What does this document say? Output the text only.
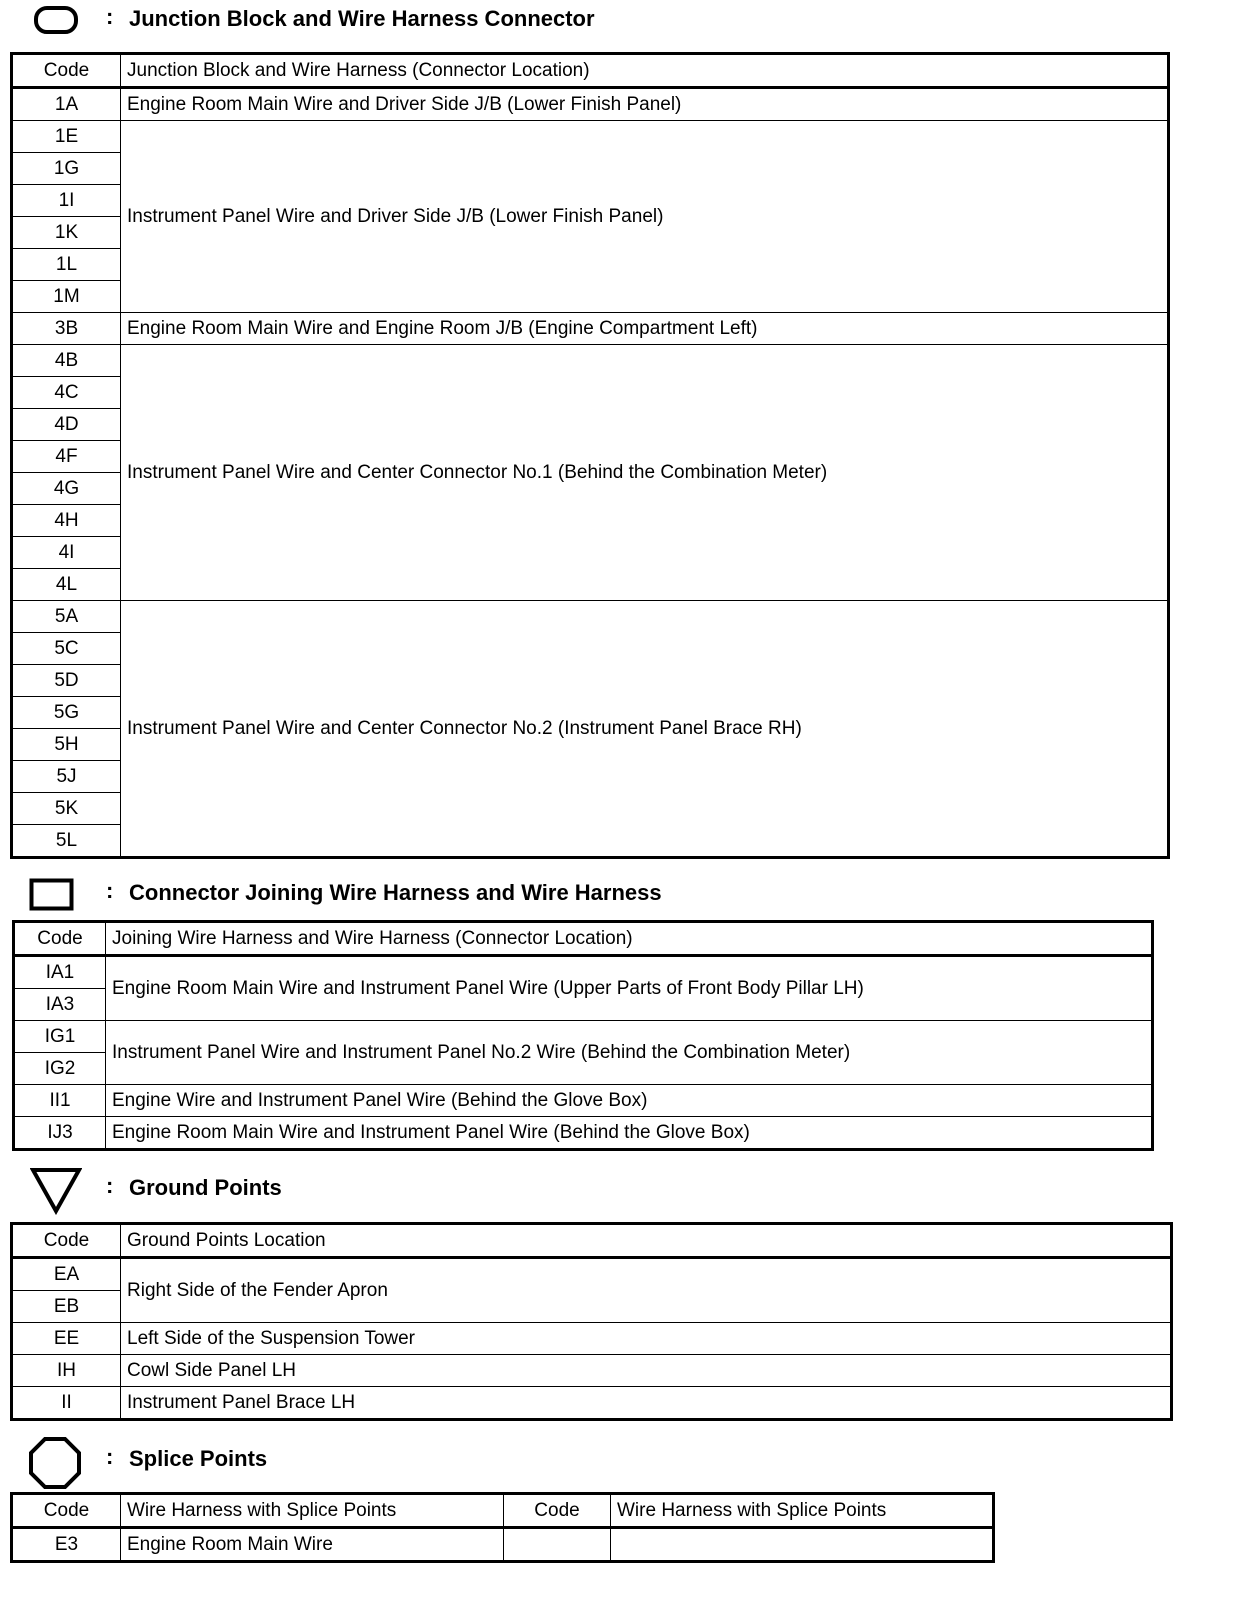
: Junction Block and Wire Harness Connector
Code	Junction Block and Wire Harness (Connector Location)
1A	Engine Room Main Wire and Driver Side J/B (Lower Finish Panel)
1E	Instrument Panel Wire and Driver Side J/B (Lower Finish Panel)
1G	
1I	
1K	
1L	
1M	
3B	Engine Room Main Wire and Engine Room J/B (Engine Compartment Left)
4B	Instrument Panel Wire and Center Connector No.1 (Behind the Combination Meter)
4C	
4D	
4F	
4G	
4H	
4I	
4L	
5A	Instrument Panel Wire and Center Connector No.2 (Instrument Panel Brace RH)
5C	
5D	
5G	
5H	
5J	
5K	
5L	
: Connector Joining Wire Harness and Wire Harness
Code	Joining Wire Harness and Wire Harness (Connector Location)
IA1	Engine Room Main Wire and Instrument Panel Wire (Upper Parts of Front Body Pillar LH)
IA3	
IG1	Instrument Panel Wire and Instrument Panel No.2 Wire (Behind the Combination Meter)
IG2	
II1	Engine Wire and Instrument Panel Wire (Behind the Glove Box)
IJ3	Engine Room Main Wire and Instrument Panel Wire (Behind the Glove Box)
: Ground Points
Code	Ground Points Location
EA	Right Side of the Fender Apron
EB	
EE	Left Side of the Suspension Tower
IH	Cowl Side Panel LH
II	Instrument Panel Brace LH
: Splice Points
Code	Wire Harness with Splice Points	Code	Wire Harness with Splice Points
E3	Engine Room Main Wire		
